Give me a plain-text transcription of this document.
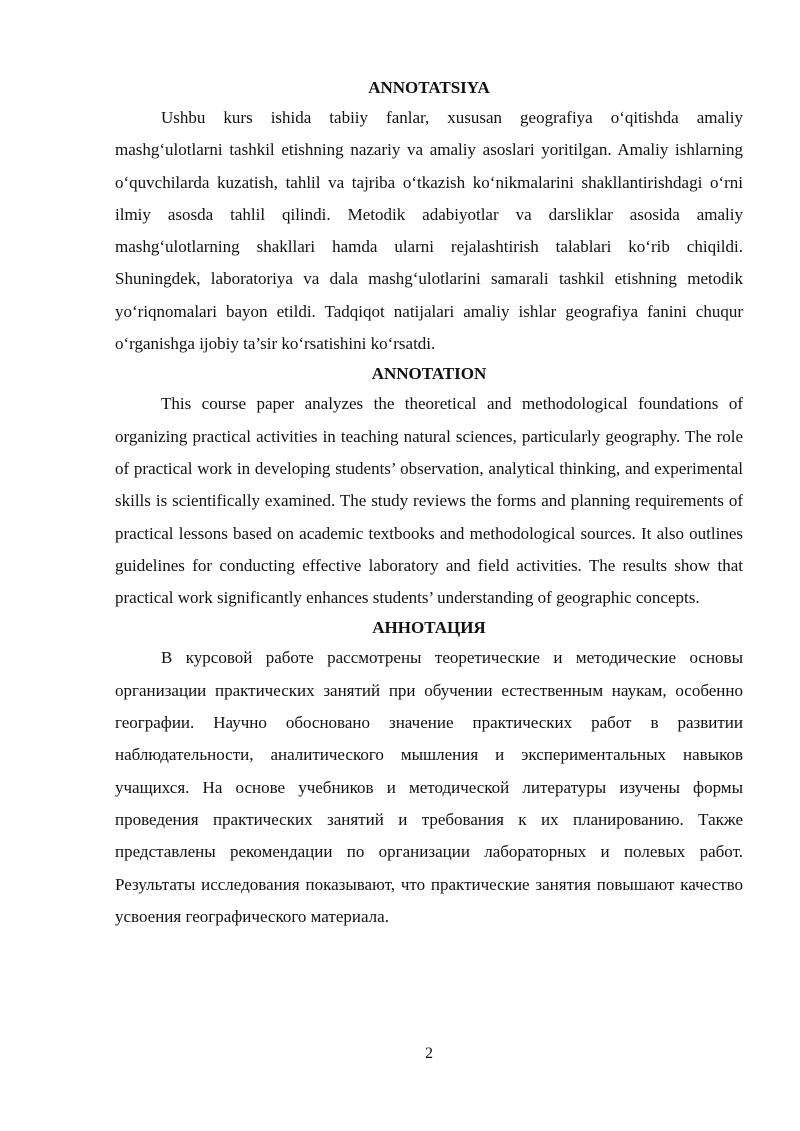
ANNOTATSIYA

Ushbu kurs ishida tabiiy fanlar, xususan geografiya o‘qitishda amaliy mashg‘ulotlarni tashkil etishning nazariy va amaliy asoslari yoritilgan. Amaliy ishlarning o‘quvchilarda kuzatish, tahlil va tajriba o‘tkazish ko‘nikmalarini shakllantirishdagi o‘rni ilmiy asosda tahlil qilindi. Metodik adabiyotlar va darsliklar asosida amaliy mashg‘ulotlarning shakllari hamda ularni rejalashtirish talablari ko‘rib chiqildi. Shuningdek, laboratoriya va dala mashg‘ulotlarini samarali tashkil etishning metodik yo‘riqnomalari bayon etildi. Tadqiqot natijalari amaliy ishlar geografiya fanini chuqur o‘rganishga ijobiy ta’sir ko‘rsatishini ko‘rsatdi.

ANNOTATION

This course paper analyzes the theoretical and methodological foundations of organizing practical activities in teaching natural sciences, particularly geography. The role of practical work in developing students’ observation, analytical thinking, and experimental skills is scientifically examined. The study reviews the forms and planning requirements of practical lessons based on academic textbooks and methodological sources. It also outlines guidelines for conducting effective laboratory and field activities. The results show that practical work significantly enhances students’ understanding of geographic concepts.

АННОТАЦИЯ

В курсовой работе рассмотрены теоретические и методические основы организации практических занятий при обучении естественным наукам, особенно географии. Научно обосновано значение практических работ в развитии наблюдательности, аналитического мышления и экспериментальных навыков учащихся. На основе учебников и методической литературы изучены формы проведения практических занятий и требования к их планированию. Также представлены рекомендации по организации лабораторных и полевых работ. Результаты исследования показывают, что практические занятия повышают качество усвоения географического материала.

2
